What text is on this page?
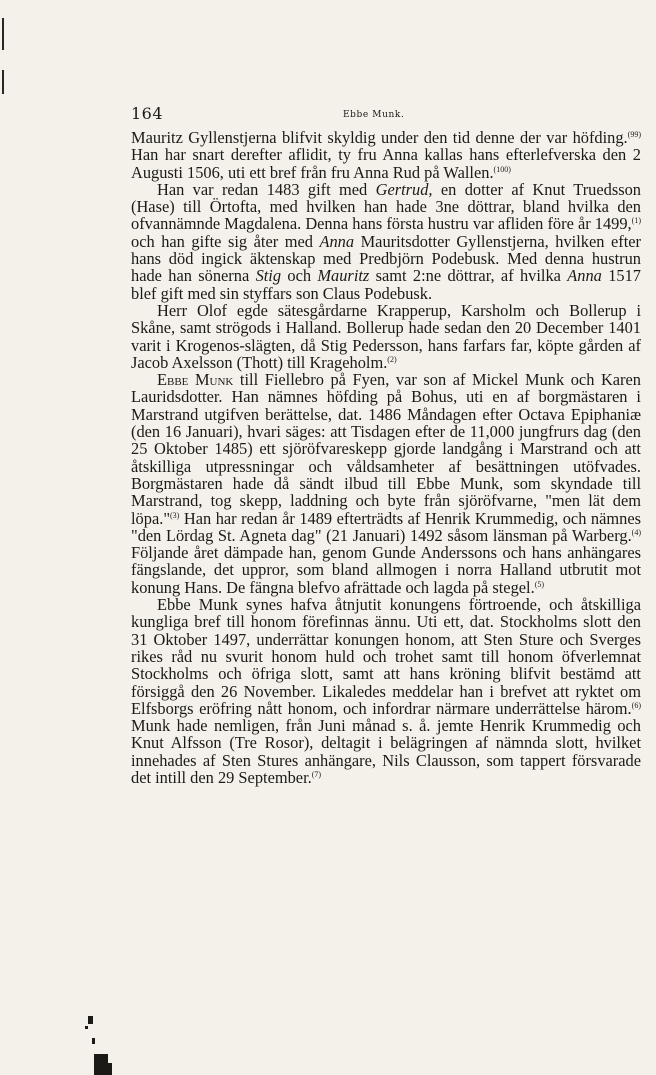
164	Ebbe Munk.

Mauritz Gyllenstjerna blifvit skyldig under den tid denne der var höfding.$^{(99)}$ Han har snart derefter aflidit, ty fru Anna kallas hans efterlefverska den 2 Augusti 1506, uti ett bref från fru Anna Rud på Wallen.$^{(100)}$

Han var redan 1483 gift med Gertrud, en dotter af Knut Truedsson (Hase) till Örtofta, med hvilken han hade 3ne döttrar, bland hvilka den ofvannämnde Magdalena. Denna hans första hustru var afliden före år 1499,$^{(1)}$ och han gifte sig åter med Anna Mauritsdotter Gyllenstjerna, hvilken efter hans död ingick äktenskap med Predbjörn Podebusk. Med denna hustrun hade han sönerna Stig och Mauritz samt 2:ne döttrar, af hvilka Anna 1517 blef gift med sin styffars son Claus Podebusk.

Herr Olof egde sätesgårdarne Krapperup, Karsholm och Bollerup i Skåne, samt strögods i Halland. Bollerup hade sedan den 20 December 1401 varit i Krogenos-slägten, då Stig Pedersson, hans farfars far, köpte gården af Jacob Axelsson (Thott) till Krageholm.$^{(2)}$

Ebbe Munk till Fiellebro på Fyen, var son af Mickel Munk och Karen Lauridsdotter. Han nämnes höfding på Bohus, uti en af borgmästaren i Marstrand utgifven berättelse, dat. 1486 Måndagen efter Octava Epiphaniæ (den 16 Januari), hvari säges: att Tisdagen efter de 11,000 jungfrurs dag (den 25 Oktober 1485) ett sjöröfvareskepp gjorde landgång i Marstrand och att åtskilliga utpressningar och våldsamheter af besättningen utöfvades. Borgmästaren hade då sändt ilbud till Ebbe Munk, som skyndade till Marstrand, tog skepp, laddning och byte från sjöröfvarne, "men lät dem löpa."$^{(3)}$ Han har redan år 1489 efterträdts af Henrik Krummedig, och nämnes "den Lördag St. Agneta dag" (21 Januari) 1492 såsom länsman på Warberg.$^{(4)}$ Följande året dämpade han, genom Gunde Anderssons och hans anhängares fängslande, det uppror, som bland allmogen i norra Halland utbrutit mot konung Hans. De fängna blefvo afrättade och lagda på stegel.$^{(5)}$

Ebbe Munk synes hafva åtnjutit konungens förtroende, och åtskilliga kungliga bref till honom förefinnas ännu. Uti ett, dat. Stockholms slott den 31 Oktober 1497, underrättar konungen honom, att Sten Sture och Sverges rikes råd nu svurit honom huld och trohet samt till honom öfverlemnat Stockholms och öfriga slott, samt att hans kröning blifvit bestämd att försiggå den 26 November. Likaledes meddelar han i brefvet att ryktet om Elfsborgs eröfring nått honom, och infordrar närmare underrättelse härom.$^{(6)}$ Munk hade nemligen, från Juni månad s. å. jemte Henrik Krummedig och Knut Alfsson (Tre Rosor), deltagit i belägringen af nämnda slott, hvilket innehades af Sten Stures anhängare, Nils Clausson, som tappert försvarade det intill den 29 September.$^{(7)}$
